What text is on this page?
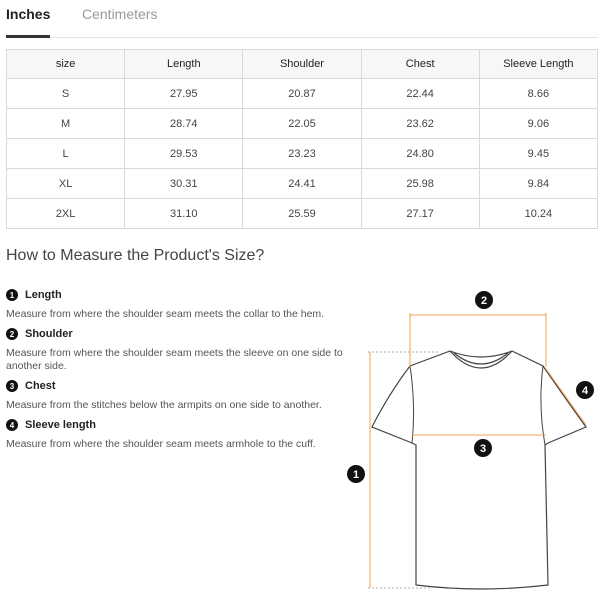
Inches Centimeters
size	Length	Shoulder	Chest	Sleeve Length
S	27.95	20.87	22.44	8.66
M	28.74	22.05	23.62	9.06
L	29.53	23.23	24.80	9.45
XL	30.31	24.41	25.98	9.84
2XL	31.10	25.59	27.17	10.24
How to Measure the Product's Size?
1 Length
Measure from where the shoulder seam meets the collar to the hem.
2 Shoulder
Measure from where the shoulder seam meets the sleeve on one side to another side.
3 Chest
Measure from the stitches below the armpits on one side to another.
4 Sleeve length
Measure from where the shoulder seam meets armhole to the cuff.
1
2
3
4
